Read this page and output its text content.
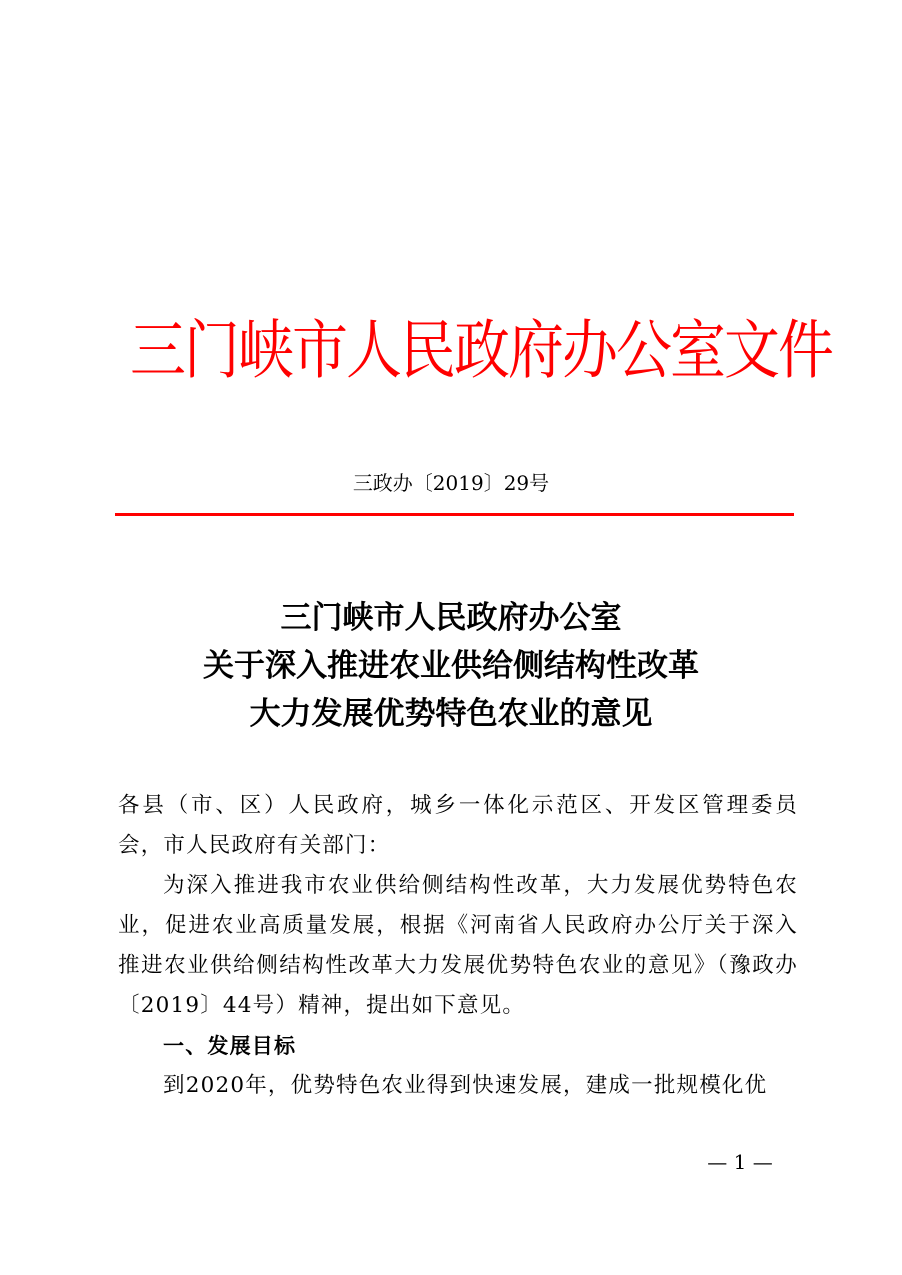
三门峡市人民政府办公室文件
三政办〔2019〕29号
三门峡市人民政府办公室
关于深入推进农业供给侧结构性改革
大力发展优势特色农业的意见

各县（市、区）人民政府，城乡一体化示范区、开发区管理委员会，市人民政府有关部门：

为深入推进我市农业供给侧结构性改革，大力发展优势特色农业，促进农业高质量发展，根据《河南省人民政府办公厅关于深入推进农业供给侧结构性改革大力发展优势特色农业的意见》（豫政办〔2019〕44号）精神，提出如下意见。

一、发展目标

到2020年，优势特色农业得到快速发展，建成一批规模化优

— 1 —
